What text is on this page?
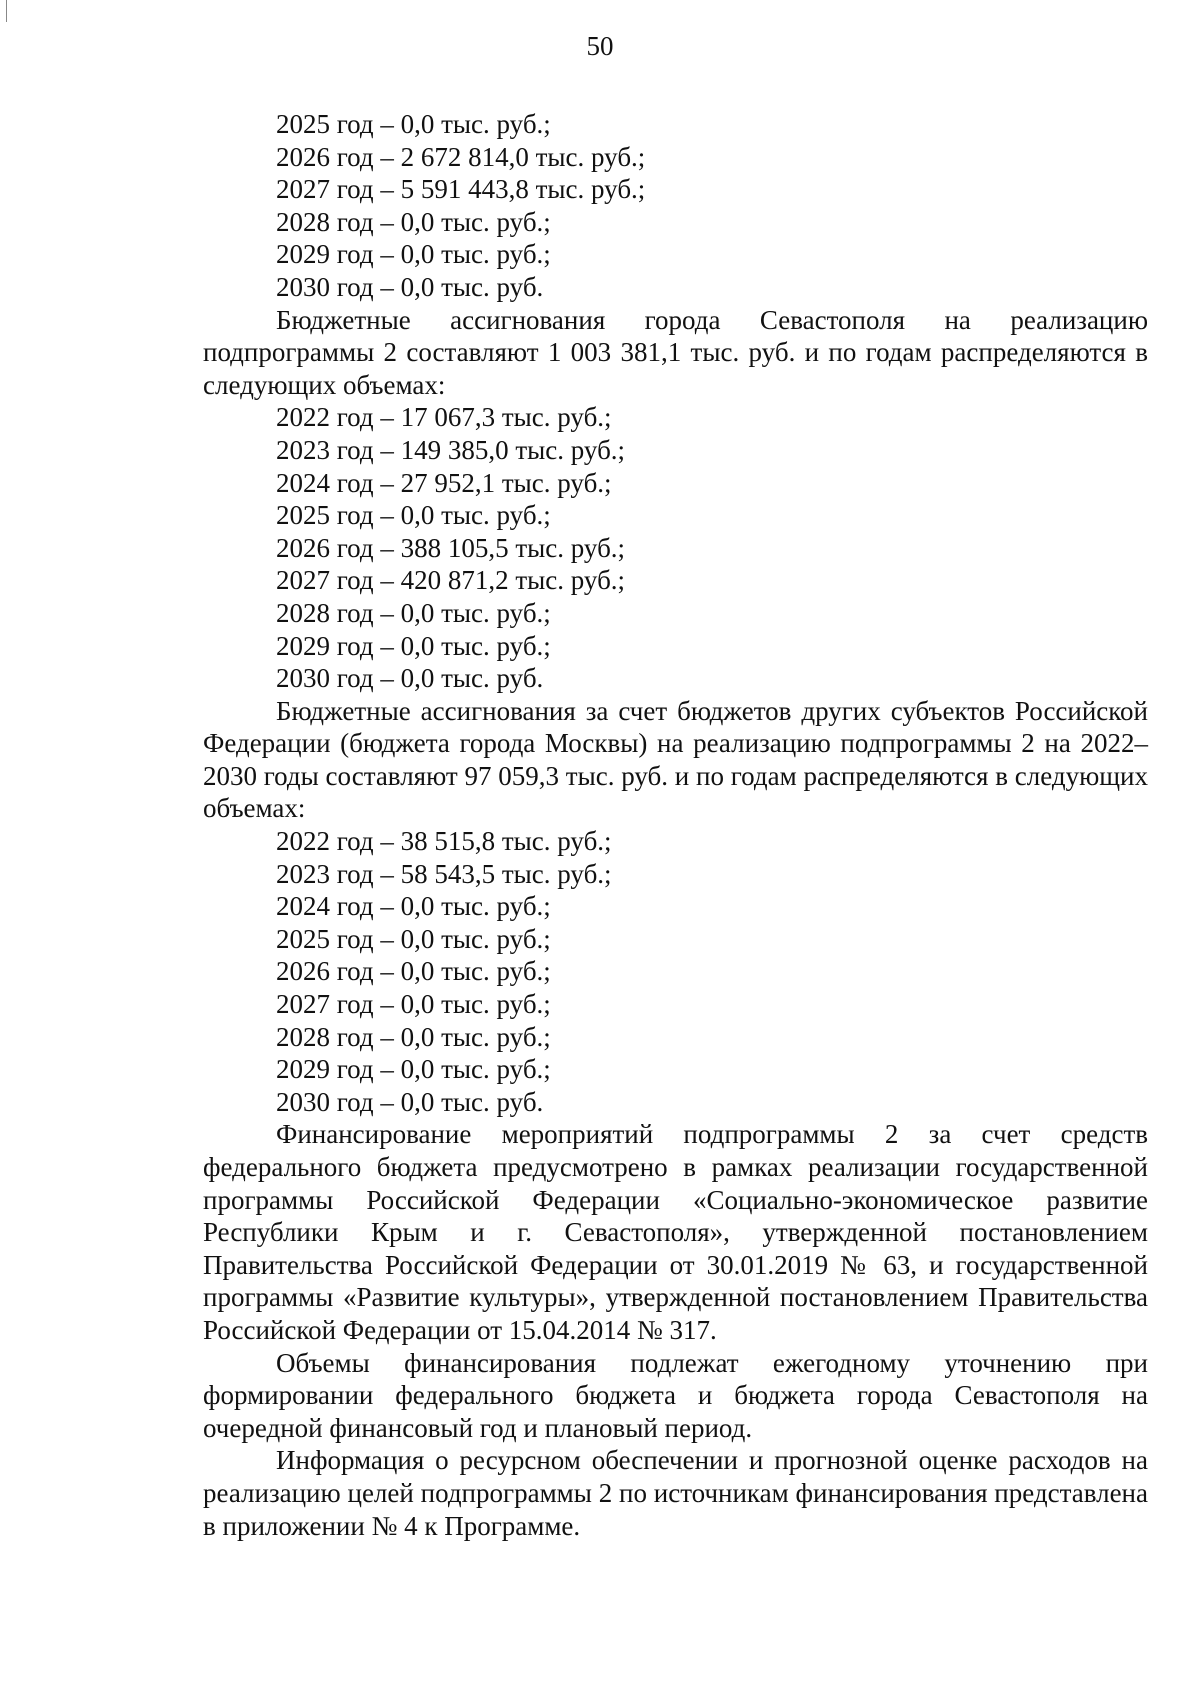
50
2025 год – 0,0 тыс. руб.;
2026 год – 2 672 814,0 тыс. руб.;
2027 год – 5 591 443,8 тыс. руб.;
2028 год – 0,0 тыс. руб.;
2029 год – 0,0 тыс. руб.;
2030 год – 0,0 тыс. руб.

Бюджетные ассигнования города Севастополя на реализацию подпрограммы 2 составляют 1 003 381,1 тыс. руб. и по годам распределяются в следующих объемах:

2022 год – 17 067,3 тыс. руб.;
2023 год – 149 385,0 тыс. руб.;
2024 год – 27 952,1 тыс. руб.;
2025 год – 0,0 тыс. руб.;
2026 год – 388 105,5 тыс. руб.;
2027 год – 420 871,2 тыс. руб.;
2028 год – 0,0 тыс. руб.;
2029 год – 0,0 тыс. руб.;
2030 год – 0,0 тыс. руб.

Бюджетные ассигнования за счет бюджетов других субъектов Российской Федерации (бюджета города Москвы) на реализацию подпрограммы 2 на 2022–2030 годы составляют 97 059,3 тыс. руб. и по годам распределяются в следующих объемах:

2022 год – 38 515,8 тыс. руб.;
2023 год – 58 543,5 тыс. руб.;
2024 год – 0,0 тыс. руб.;
2025 год – 0,0 тыс. руб.;
2026 год – 0,0 тыс. руб.;
2027 год – 0,0 тыс. руб.;
2028 год – 0,0 тыс. руб.;
2029 год – 0,0 тыс. руб.;
2030 год – 0,0 тыс. руб.

Финансирование мероприятий подпрограммы 2 за счет средств федерального бюджета предусмотрено в рамках реализации государственной программы Российской Федерации «Социально-экономическое развитие Республики Крым и г. Севастополя», утвержденной постановлением Правительства Российской Федерации от 30.01.2019 № 63, и государственной программы «Развитие культуры», утвержденной постановлением Правительства Российской Федерации от 15.04.2014 № 317.

Объемы финансирования подлежат ежегодному уточнению при формировании федерального бюджета и бюджета города Севастополя на очередной финансовый год и плановый период.

Информация о ресурсном обеспечении и прогнозной оценке расходов на реализацию целей подпрограммы 2 по источникам финансирования представлена в приложении № 4 к Программе.
